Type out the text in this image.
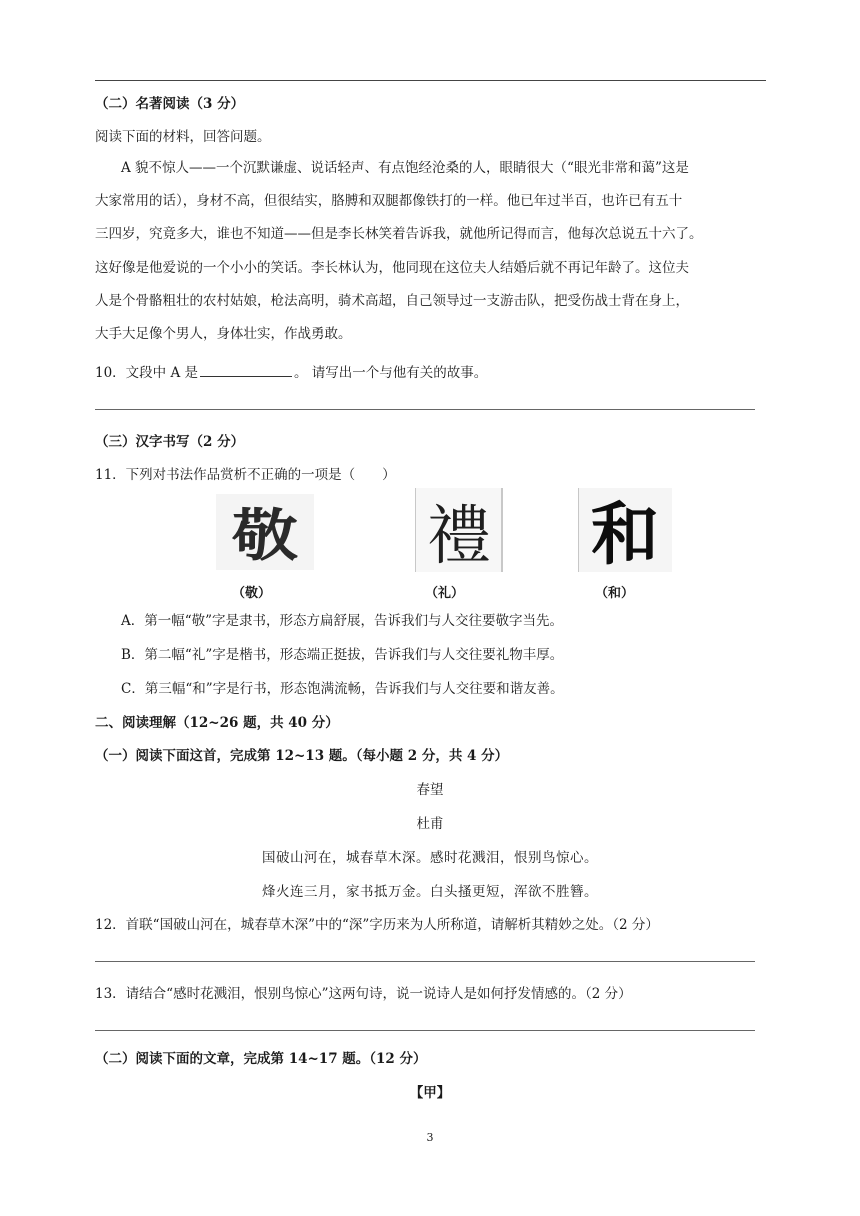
（二）名著阅读（3 分）
阅读下面的材料，回答问题。
A 貌不惊人——一个沉默谦虚、说话轻声、有点饱经沧桑的人，眼睛很大（“眼光非常和蔼”这是
大家常用的话），身材不高，但很结实，胳膊和双腿都像铁打的一样。他已年过半百，也许已有五十
三四岁，究竟多大，谁也不知道——但是李长林笑着告诉我，就他所记得而言，他每次总说五十六了。
这好像是他爱说的一个小小的笑话。李长林认为，他同现在这位夫人结婚后就不再记年龄了。这位夫
人是个骨骼粗壮的农村姑娘，枪法高明，骑术高超，自己领导过一支游击队，把受伤战士背在身上，
大手大足像个男人，身体壮实，作战勇敢。
10．文段中 A 是	。 请写出一个与他有关的故事。
（三）汉字书写（2 分）
11．下列对书法作品赏析不正确的一项是（　　）
敬 禮 和
（敬）	（礼）	（和）
A．第一幅“敬”字是隶书，形态方扁舒展，告诉我们与人交往要敬字当先。
B．第二幅“礼”字是楷书，形态端正挺拔，告诉我们与人交往要礼物丰厚。
C．第三幅“和”字是行书，形态饱满流畅，告诉我们与人交往要和谐友善。
二、阅读理解（12~26 题，共 40 分）
（一）阅读下面这首，完成第 12~13 题。（每小题 2 分，共 4 分）
春望
杜甫
国破山河在，城春草木深。感时花溅泪，恨别鸟惊心。
烽火连三月，家书抵万金。白头搔更短，浑欲不胜簪。
12．首联“国破山河在，城春草木深”中的“深”字历来为人所称道，请解析其精妙之处。（2 分）
13．请结合“感时花溅泪，恨别鸟惊心”这两句诗，说一说诗人是如何抒发情感的。（2 分）
（二）阅读下面的文章，完成第 14~17 题。（12 分）
【甲】
3
